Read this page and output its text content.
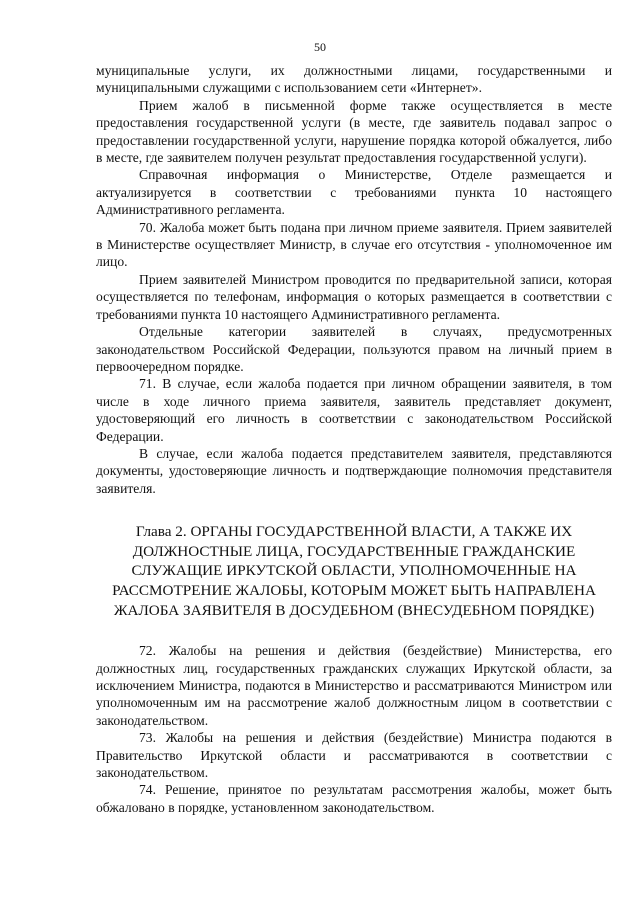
50

муниципальные услуги, их должностными лицами, государственными и муниципальными служащими с использованием сети «Интернет».

Прием жалоб в письменной форме также осуществляется в месте предоставления государственной услуги (в месте, где заявитель подавал запрос о предоставлении государственной услуги, нарушение порядка которой обжалуется, либо в месте, где заявителем получен результат предоставления государственной услуги).

Справочная информация о Министерстве, Отделе размещается и актуализируется в соответствии с требованиями пункта 10 настоящего Административного регламента.

70. Жалоба может быть подана при личном приеме заявителя. Прием заявителей в Министерстве осуществляет Министр, в случае его отсутствия - уполномоченное им лицо.

Прием заявителей Министром проводится по предварительной записи, которая осуществляется по телефонам, информация о которых размещается в соответствии с требованиями пункта 10 настоящего Административного регламента.

Отдельные категории заявителей в случаях, предусмотренных законодательством Российской Федерации, пользуются правом на личный прием в первоочередном порядке.

71. В случае, если жалоба подается при личном обращении заявителя, в том числе в ходе личного приема заявителя, заявитель представляет документ, удостоверяющий его личность в соответствии с законодательством Российской Федерации.

В случае, если жалоба подается представителем заявителя, представляются документы, удостоверяющие личность и подтверждающие полномочия представителя заявителя.

Глава 2. ОРГАНЫ ГОСУДАРСТВЕННОЙ ВЛАСТИ, А ТАКЖЕ ИХ
ДОЛЖНОСТНЫЕ ЛИЦА, ГОСУДАРСТВЕННЫЕ ГРАЖДАНСКИЕ
СЛУЖАЩИЕ ИРКУТСКОЙ ОБЛАСТИ, УПОЛНОМОЧЕННЫЕ НА
РАССМОТРЕНИЕ ЖАЛОБЫ, КОТОРЫМ МОЖЕТ БЫТЬ НАПРАВЛЕНА
ЖАЛОБА ЗАЯВИТЕЛЯ В ДОСУДЕБНОМ (ВНЕСУДЕБНОМ ПОРЯДКЕ)

72. Жалобы на решения и действия (бездействие) Министерства, его должностных лиц, государственных гражданских служащих Иркутской области, за исключением Министра, подаются в Министерство и рассматриваются Министром или уполномоченным им на рассмотрение жалоб должностным лицом в соответствии с законодательством.

73. Жалобы на решения и действия (бездействие) Министра подаются в Правительство Иркутской области и рассматриваются в соответствии с законодательством.

74. Решение, принятое по результатам рассмотрения жалобы, может быть обжаловано в порядке, установленном законодательством.
